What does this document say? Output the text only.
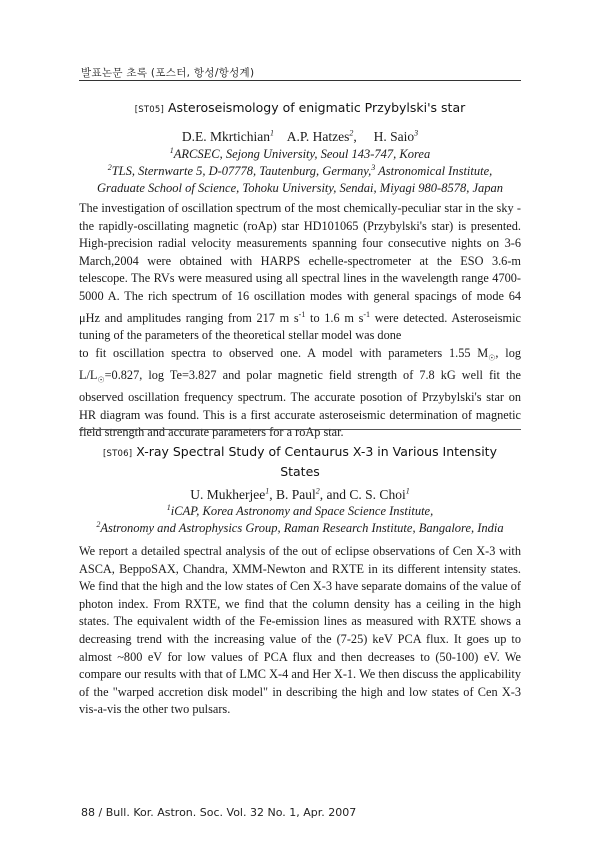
발표논문 초록 (포스터, 항성/항성계)
[ST05] Asteroseismology of enigmatic Przybylski's star
D.E. Mkrtichian$^1$ A.P. Hatzes$^2$,     H. Saio$^3$
$^1$ARCSEC, Sejong University, Seoul 143-747, Korea
$^2$TLS, Sternwarte 5, D-07778, Tautenburg, Germany,$^3$ Astronomical Institute,
Graduate School of Science, Tohoku University, Sendai, Miyagi 980-8578, Japan

The investigation of oscillation spectrum of the most chemically-peculiar star in the sky - the rapidly-oscillating magnetic (roAp) star HD101065 (Przybylski's star) is presented. High-precision radial velocity measurements spanning four consecutive nights on 3-6 March,2004 were obtained with HARPS echelle-spectrometer at the ESO 3.6-m telescope. The RVs were measured using all spectral lines in the wavelength range 4700-5000 A. The rich spectrum of 16 oscillation modes with general spacings of mode 64 μHz and amplitudes ranging from 217 m $s^{-1}$ to 1.6 m $s^{-1}$ were detected. Asteroseismic tuning of the parameters of the theoretical stellar model was done
to fit oscillation spectra to observed one. A model with parameters 1.55 $M_☉$, $\log L/L_☉=0.827$, log Te=3.827 and polar magnetic field strength of 7.8 kG well fit the observed oscillation frequency spectrum. The accurate posotion of Przybylski's star on HR diagram was found. This is a first accurate asteroseismic determination of magnetic field strength and accurate parameters for a roAp star.

[ST06] X-ray Spectral Study of Centaurus X-3 in Various Intensity
States
U. Mukherjee$^1$, B. Paul$^2$, and C. S. Choi$^1$
$^1$iCAP, Korea Astronomy and Space Science Institute,
$^2$Astronomy and Astrophysics Group, Raman Research Institute, Bangalore, India

We report a detailed spectral analysis of the out of eclipse observations of Cen X-3 with ASCA, BeppoSAX, Chandra, XMM-Newton and RXTE in its different intensity states. We find that the high and the low states of Cen X-3 have separate domains of the value of photon index. From RXTE, we find that the column density has a ceiling in the high states. The equivalent width of the Fe-emission lines as measured with RXTE shows a decreasing trend with the increasing value of the (7-25) keV PCA flux. It goes up to almost ~800 eV for low values of PCA flux and then decreases to (50-100) eV. We compare our results with that of LMC X-4 and Her X-1. We then discuss the applicability of the "warped accretion disk model" in describing the high and low states of Cen X-3 vis-a-vis the other two pulsars.

88 / Bull. Kor. Astron. Soc. Vol. 32 No. 1, Apr. 2007
